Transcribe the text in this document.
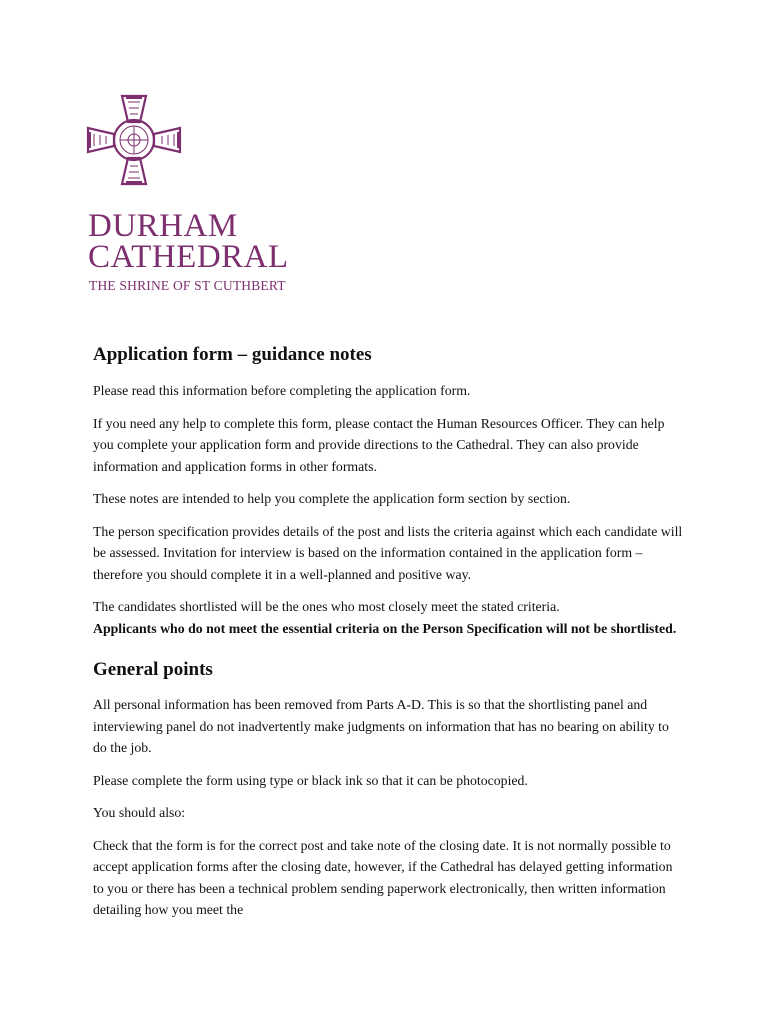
DURHAM
CATHEDRAL
THE SHRINE OF ST CUTHBERT
Application form – guidance notes

Please read this information before completing the application form.

If you need any help to complete this form, please contact the Human Resources Officer. They can help you complete your application form and provide directions to the Cathedral. They can also provide information and application forms in other formats.

These notes are intended to help you complete the application form section by section.

The person specification provides details of the post and lists the criteria against which each candidate will be assessed. Invitation for interview is based on the information contained in the application form – therefore you should complete it in a well-planned and positive way.

The candidates shortlisted will be the ones who most closely meet the stated criteria.
Applicants who do not meet the essential criteria on the Person Specification will not be shortlisted.

General points

All personal information has been removed from Parts A-D. This is so that the shortlisting panel and interviewing panel do not inadvertently make judgments on information that has no bearing on ability to do the job.

Please complete the form using type or black ink so that it can be photocopied.

You should also:

Check that the form is for the correct post and take note of the closing date. It is not normally possible to accept application forms after the closing date, however, if the Cathedral has delayed getting information to you or there has been a technical problem sending paperwork electronically, then written information detailing how you meet the
